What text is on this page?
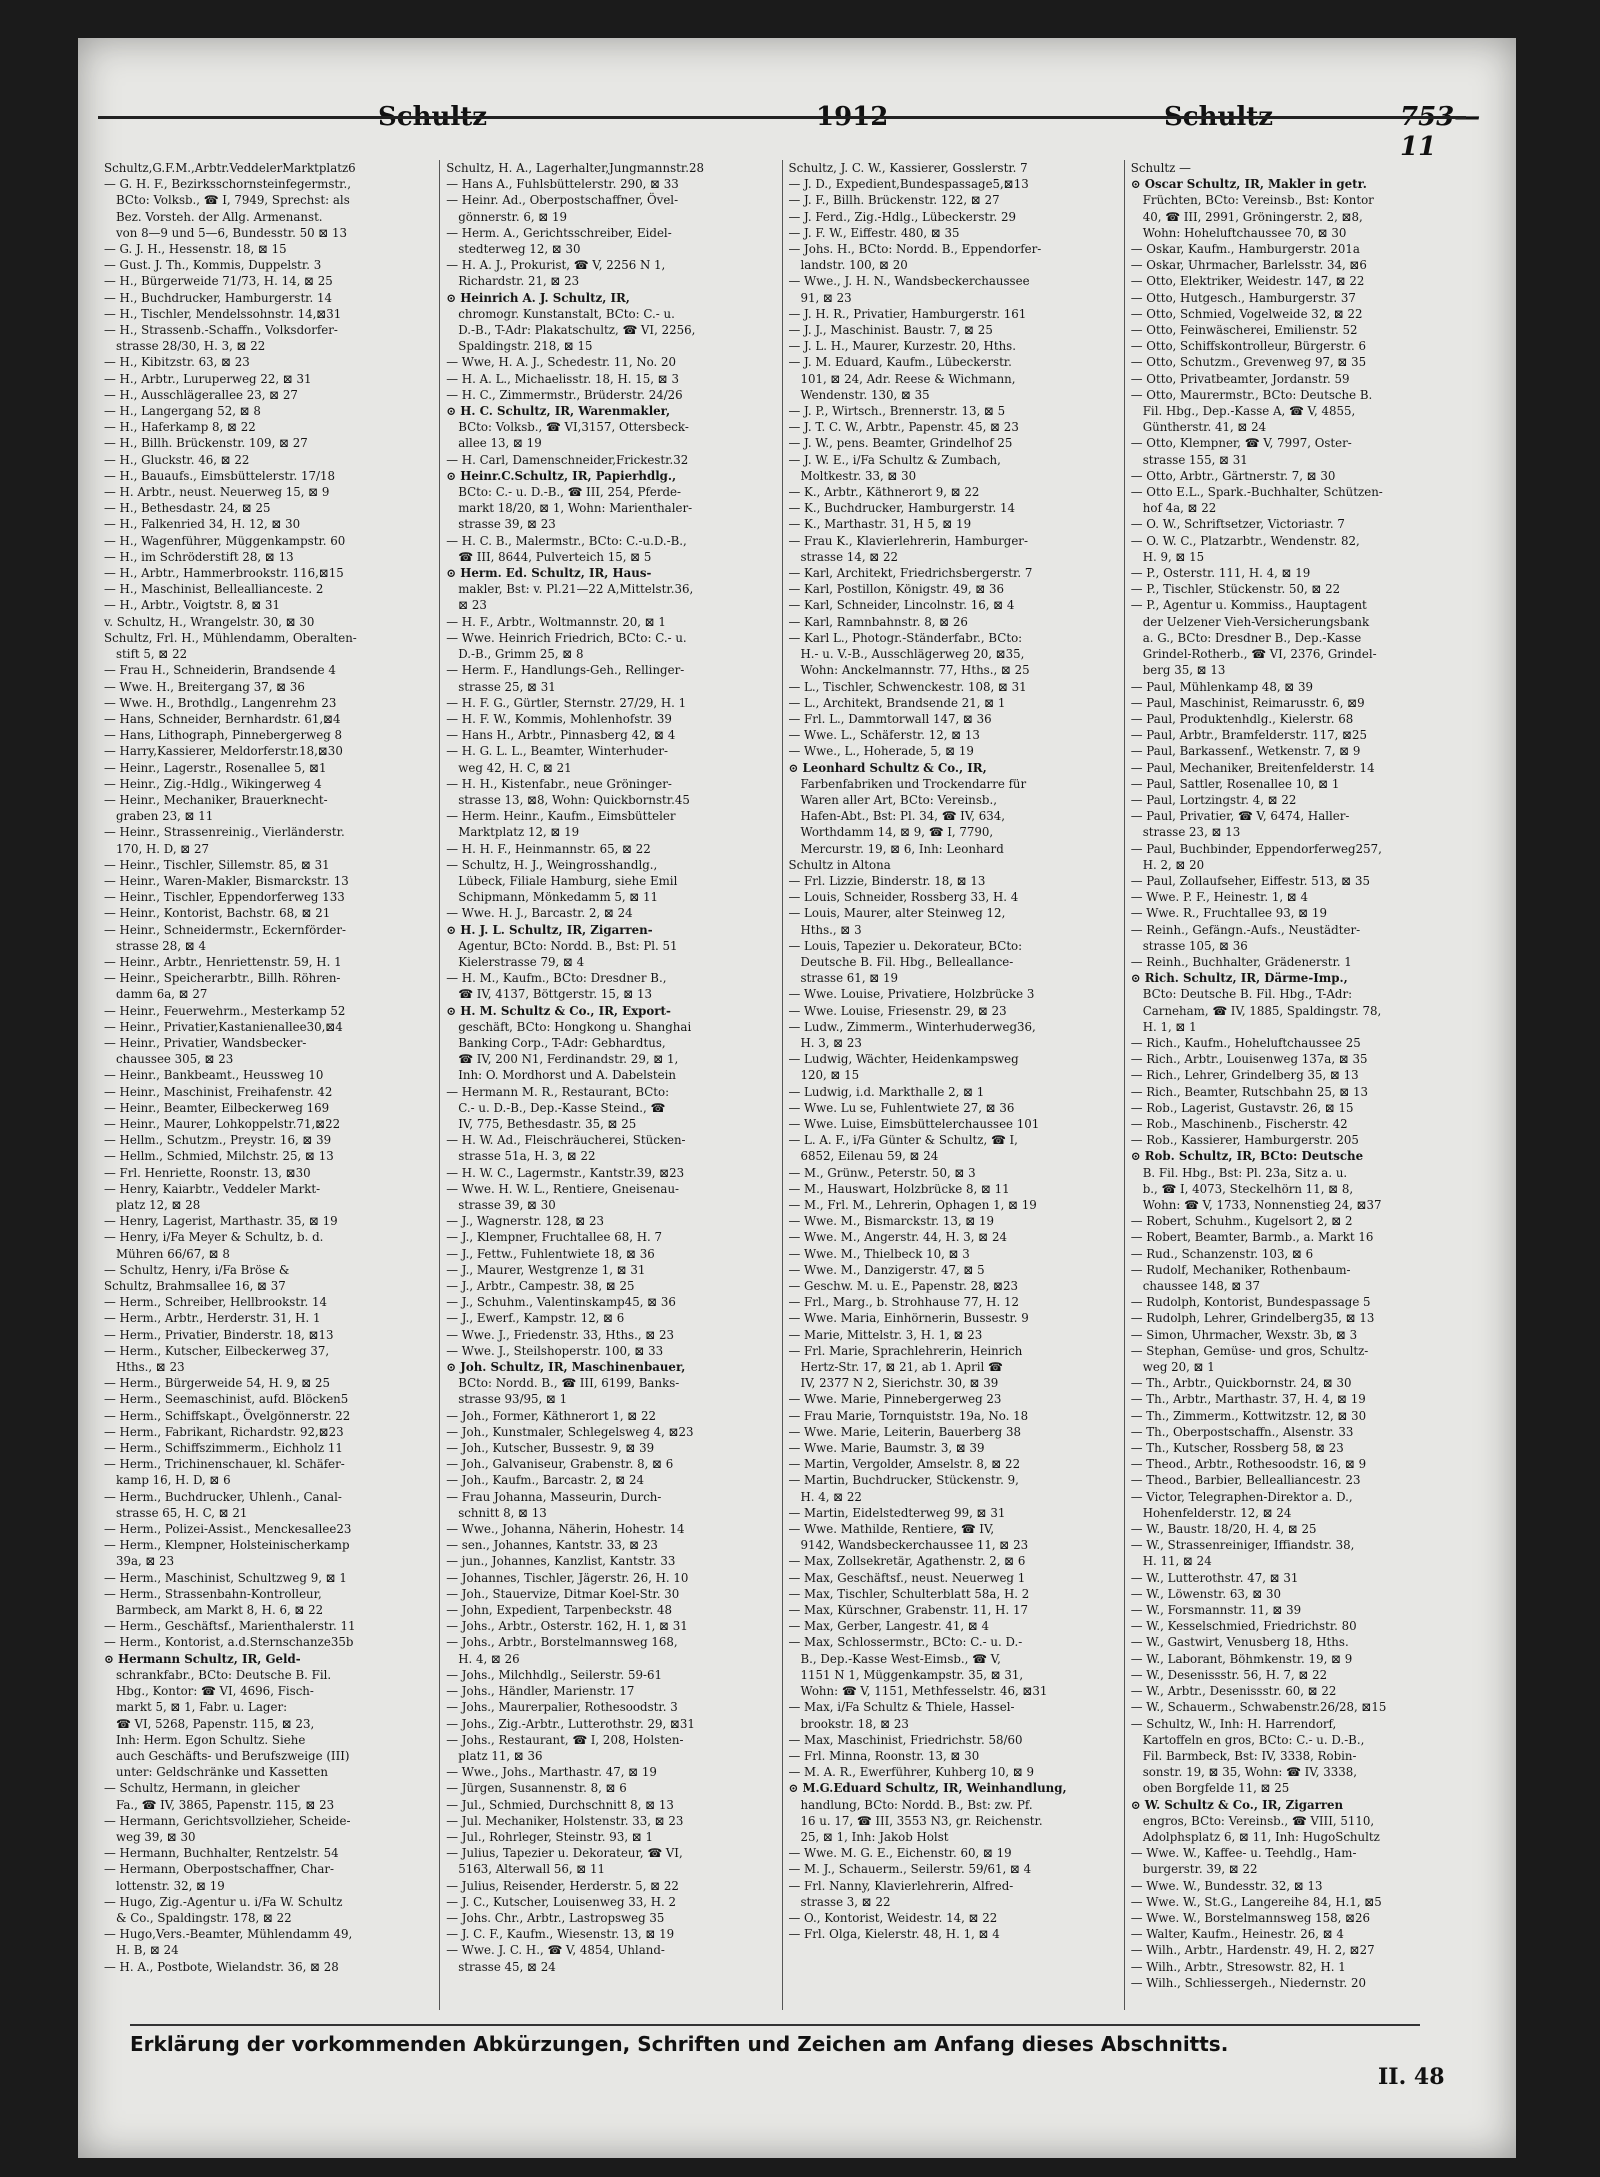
Schultz	1912	Schultz	753—11

Schultz,G.F.M.,Arbtr.VeddelerMarktplatz6

— G. H. F., Bezirksschornsteinfegermstr.,

BCto: Volksb., ☎ I, 7949, Sprechst: als

Bez. Vorsteh. der Allg. Armenanst.

von 8—9 und 5—6, Bundesstr. 50 ⊠ 13

— G. J. H., Hessenstr. 18, ⊠ 15

— Gust. J. Th., Kommis, Duppelstr. 3

— H., Bürgerweide 71/73, H. 14, ⊠ 25

— H., Buchdrucker, Hamburgerstr. 14

— H., Tischler, Mendelssohnstr. 14,⊠31

— H., Strassenb.-Schaffn., Volksdorfer-

strasse 28/30, H. 3, ⊠ 22

— H., Kibitzstr. 63, ⊠ 23

— H., Arbtr., Luruperweg 22, ⊠ 31

— H., Ausschlägerallee 23, ⊠ 27

— H., Langergang 52, ⊠ 8

— H., Haferkamp 8, ⊠ 22

— H., Billh. Brückenstr. 109, ⊠ 27

— H., Gluckstr. 46, ⊠ 22

— H., Bauaufs., Eimsbüttelerstr. 17/18

— H. Arbtr., neust. Neuerweg 15, ⊠ 9

— H., Bethesdastr. 24, ⊠ 25

— H., Falkenried 34, H. 12, ⊠ 30

— H., Wagenführer, Müggenkampstr. 60

— H., im Schröderstift 28, ⊠ 13

— H., Arbtr., Hammerbrookstr. 116,⊠15

— H., Maschinist, Belleallianceste. 2

— H., Arbtr., Voigtstr. 8, ⊠ 31

v. Schultz, H., Wrangelstr. 30, ⊠ 30

Schultz, Frl. H., Mühlendamm, Oberalten-

stift 5, ⊠ 22

— Frau H., Schneiderin, Brandsende 4

— Wwe. H., Breitergang 37, ⊠ 36

— Wwe. H., Brothdlg., Langenrehm 23

— Hans, Schneider, Bernhardstr. 61,⊠4

— Hans, Lithograph, Pinnebergerweg 8

— Harry,Kassierer, Meldorferstr.18,⊠30

— Heinr., Lagerstr., Rosenallee 5, ⊠1

— Heinr., Zig.-Hdlg., Wikingerweg 4

— Heinr., Mechaniker, Brauerknecht-

graben 23, ⊠ 11

— Heinr., Strassenreinig., Vierländerstr.

170, H. D, ⊠ 27

— Heinr., Tischler, Sillemstr. 85, ⊠ 31

— Heinr., Waren-Makler, Bismarckstr. 13

— Heinr., Tischler, Eppendorferweg 133

— Heinr., Kontorist, Bachstr. 68, ⊠ 21

— Heinr., Schneidermstr., Eckernförder-

strasse 28, ⊠ 4

— Heinr., Arbtr., Henriettenstr. 59, H. 1

— Heinr., Speicherarbtr., Billh. Röhren-

damm 6a, ⊠ 27

— Heinr., Feuerwehrm., Mesterkamp 52

— Heinr., Privatier,Kastanienallee30,⊠4

— Heinr., Privatier, Wandsbecker-

chaussee 305, ⊠ 23

— Heinr., Bankbeamt., Heussweg 10

— Heinr., Maschinist, Freihafenstr. 42

— Heinr., Beamter, Eilbeckerweg 169

— Heinr., Maurer, Lohkoppelstr.71,⊠22

— Hellm., Schutzm., Preystr. 16, ⊠ 39

— Hellm., Schmied, Milchstr. 25, ⊠ 13

— Frl. Henriette, Roonstr. 13, ⊠30

— Henry, Kaiarbtr., Veddeler Markt-

platz 12, ⊠ 28

— Henry, Lagerist, Marthastr. 35, ⊠ 19

— Henry, i/Fa Meyer & Schultz, b. d.

Mühren 66/67, ⊠ 8

— Schultz, Henry, i/Fa Bröse &

Schultz, Brahmsallee 16, ⊠ 37

— Herm., Schreiber, Hellbrookstr. 14

— Herm., Arbtr., Herderstr. 31, H. 1

— Herm., Privatier, Binderstr. 18, ⊠13

— Herm., Kutscher, Eilbeckerweg 37,

Hths., ⊠ 23

— Herm., Bürgerweide 54, H. 9, ⊠ 25

— Herm., Seemaschinist, aufd. Blöcken5

— Herm., Schiffskapt., Övelgönnerstr. 22

— Herm., Fabrikant, Richardstr. 92,⊠23

— Herm., Schiffszimmerm., Eichholz 11

— Herm., Trichinenschauer, kl. Schäfer-

kamp 16, H. D, ⊠ 6

— Herm., Buchdrucker, Uhlenh., Canal-

strasse 65, H. C, ⊠ 21

— Herm., Polizei-Assist., Menckesallee23

— Herm., Klempner, Holsteinischerkamp

39a, ⊠ 23

— Herm., Maschinist, Schultzweg 9, ⊠ 1

— Herm., Strassenbahn-Kontrolleur,

Barmbeck, am Markt 8, H. 6, ⊠ 22

— Herm., Geschäftsf., Marienthalerstr. 11

— Herm., Kontorist, a.d.Sternschanze35b

⊙ Hermann Schultz, IR, Geld-

schrankfabr., BCto: Deutsche B. Fil.

Hbg., Kontor: ☎ VI, 4696, Fisch-

markt 5, ⊠ 1, Fabr. u. Lager:

☎ VI, 5268, Papenstr. 115, ⊠ 23,

Inh: Herm. Egon Schultz. Siehe

auch Geschäfts- und Berufszweige (III)

unter: Geldschränke und Kassetten

— Schultz, Hermann, in gleicher

Fa., ☎ IV, 3865, Papenstr. 115, ⊠ 23

— Hermann, Gerichtsvollzieher, Scheide-

weg 39, ⊠ 30

— Hermann, Buchhalter, Rentzelstr. 54

— Hermann, Oberpostschaffner, Char-

lottenstr. 32, ⊠ 19

— Hugo, Zig.-Agentur u. i/Fa W. Schultz

& Co., Spaldingstr. 178, ⊠ 22

— Hugo,Vers.-Beamter, Mühlendamm 49,

H. B, ⊠ 24

— H. A., Postbote, Wielandstr. 36, ⊠ 28

Schultz, H. A., Lagerhalter,Jungmannstr.28

— Hans A., Fuhlsbüttelerstr. 290, ⊠ 33

— Heinr. Ad., Oberpostschaffner, Övel-

gönnerstr. 6, ⊠ 19

— Herm. A., Gerichtsschreiber, Eidel-

stedterweg 12, ⊠ 30

— H. A. J., Prokurist, ☎ V, 2256 N 1,

Richardstr. 21, ⊠ 23

⊙ Heinrich A. J. Schultz, IR,

chromogr. Kunstanstalt, BCto: C.- u.

D.-B., T-Adr: Plakatschultz, ☎ VI, 2256,

Spaldingstr. 218, ⊠ 15

— Wwe, H. A. J., Schedestr. 11, No. 20

— H. A. L., Michaelisstr. 18, H. 15, ⊠ 3

— H. C., Zimmermstr., Brüderstr. 24/26

⊙ H. C. Schultz, IR, Warenmakler,

BCto: Volksb., ☎ VI,3157, Ottersbeck-

allee 13, ⊠ 19

— H. Carl, Damenschneider,Frickestr.32

⊙ Heinr.C.Schultz, IR, Papierhdlg.,

BCto: C.- u. D.-B., ☎ III, 254, Pferde-

markt 18/20, ⊠ 1, Wohn: Marienthaler-

strasse 39, ⊠ 23

— H. C. B., Malermstr., BCto: C.-u.D.-B.,

☎ III, 8644, Pulverteich 15, ⊠ 5

⊙ Herm. Ed. Schultz, IR, Haus-

makler, Bst: v. Pl.21—22 A,Mittelstr.36,

⊠ 23

— H. F., Arbtr., Woltmannstr. 20, ⊠ 1

— Wwe. Heinrich Friedrich, BCto: C.- u.

D.-B., Grimm 25, ⊠ 8

— Herm. F., Handlungs-Geh., Rellinger-

strasse 25, ⊠ 31

— H. F. G., Gürtler, Sternstr. 27/29, H. 1

— H. F. W., Kommis, Mohlenhofstr. 39

— Hans H., Arbtr., Pinnasberg 42, ⊠ 4

— H. G. L. L., Beamter, Winterhuder-

weg 42, H. C, ⊠ 21

— H. H., Kistenfabr., neue Gröninger-

strasse 13, ⊠8, Wohn: Quickbornstr.45

— Herm. Heinr., Kaufm., Eimsbütteler

Marktplatz 12, ⊠ 19

— H. H. F., Heinmannstr. 65, ⊠ 22

— Schultz, H. J., Weingrosshandlg.,

Lübeck, Filiale Hamburg, siehe Emil

Schipmann, Mönkedamm 5, ⊠ 11

— Wwe. H. J., Barcastr. 2, ⊠ 24

⊙ H. J. L. Schultz, IR, Zigarren-

Agentur, BCto: Nordd. B., Bst: Pl. 51

Kielerstrasse 79, ⊠ 4

— H. M., Kaufm., BCto: Dresdner B.,

☎ IV, 4137, Böttgerstr. 15, ⊠ 13

⊙ H. M. Schultz & Co., IR, Export-

geschäft, BCto: Hongkong u. Shanghai

Banking Corp., T-Adr: Gebhardtus,

☎ IV, 200 N1, Ferdinandstr. 29, ⊠ 1,

Inh: O. Mordhorst und A. Dabelstein

— Hermann M. R., Restaurant, BCto:

C.- u. D.-B., Dep.-Kasse Steind., ☎

IV, 775, Bethesdastr. 35, ⊠ 25

— H. W. Ad., Fleischräucherei, Stücken-

strasse 51a, H. 3, ⊠ 22

— H. W. C., Lagermstr., Kantstr.39, ⊠23

— Wwe. H. W. L., Rentiere, Gneisenau-

strasse 39, ⊠ 30

— J., Wagnerstr. 128, ⊠ 23

— J., Klempner, Fruchtallee 68, H. 7

— J., Fettw., Fuhlentwiete 18, ⊠ 36

— J., Maurer, Westgrenze 1, ⊠ 31

— J., Arbtr., Campestr. 38, ⊠ 25

— J., Schuhm., Valentinskamp45, ⊠ 36

— J., Ewerf., Kampstr. 12, ⊠ 6

— Wwe. J., Friedenstr. 33, Hths., ⊠ 23

— Wwe. J., Steilshoperstr. 100, ⊠ 33

⊙ Joh. Schultz, IR, Maschinenbauer,

BCto: Nordd. B., ☎ III, 6199, Banks-

strasse 93/95, ⊠ 1

— Joh., Former, Käthnerort 1, ⊠ 22

— Joh., Kunstmaler, Schlegelsweg 4, ⊠23

— Joh., Kutscher, Bussestr. 9, ⊠ 39

— Joh., Galvaniseur, Grabenstr. 8, ⊠ 6

— Joh., Kaufm., Barcastr. 2, ⊠ 24

— Frau Johanna, Masseurin, Durch-

schnitt 8, ⊠ 13

— Wwe., Johanna, Näherin, Hohestr. 14

— sen., Johannes, Kantstr. 33, ⊠ 23

— jun., Johannes, Kanzlist, Kantstr. 33

— Johannes, Tischler, Jägerstr. 26, H. 10

— Joh., Stauervize, Ditmar Koel-Str. 30

— John, Expedient, Tarpenbeckstr. 48

— Johs., Arbtr., Osterstr. 162, H. 1, ⊠ 31

— Johs., Arbtr., Borstelmannsweg 168,

H. 4, ⊠ 26

— Johs., Milchhdlg., Seilerstr. 59-61

— Johs., Händler, Marienstr. 17

— Johs., Maurerpalier, Rothesoodstr. 3

— Johs., Zig.-Arbtr., Lutterothstr. 29, ⊠31

— Johs., Restaurant, ☎ I, 208, Holsten-

platz 11, ⊠ 36

— Wwe., Johs., Marthastr. 47, ⊠ 19

— Jürgen, Susannenstr. 8, ⊠ 6

— Jul., Schmied, Durchschnitt 8, ⊠ 13

— Jul. Mechaniker, Holstenstr. 33, ⊠ 23

— Jul., Rohrleger, Steinstr. 93, ⊠ 1

— Julius, Tapezier u. Dekorateur, ☎ VI,

5163, Alterwall 56, ⊠ 11

— Julius, Reisender, Herderstr. 5, ⊠ 22

— J. C., Kutscher, Louisenweg 33, H. 2

— Johs. Chr., Arbtr., Lastropsweg 35

— J. C. F., Kaufm., Wiesenstr. 13, ⊠ 19

— Wwe. J. C. H., ☎ V, 4854, Uhland-

strasse 45, ⊠ 24

Schultz, J. C. W., Kassierer, Gosslerstr. 7

— J. D., Expedient,Bundespassage5,⊠13

— J. F., Billh. Brückenstr. 122, ⊠ 27

— J. Ferd., Zig.-Hdlg., Lübeckerstr. 29

— J. F. W., Eiffestr. 480, ⊠ 35

— Johs. H., BCto: Nordd. B., Eppendorfer-

landstr. 100, ⊠ 20

— Wwe., J. H. N., Wandsbeckerchaussee

91, ⊠ 23

— J. H. R., Privatier, Hamburgerstr. 161

— J. J., Maschinist. Baustr. 7, ⊠ 25

— J. L. H., Maurer, Kurzestr. 20, Hths.

— J. M. Eduard, Kaufm., Lübeckerstr.

101, ⊠ 24, Adr. Reese & Wichmann,

Wendenstr. 130, ⊠ 35

— J. P., Wirtsch., Brennerstr. 13, ⊠ 5

— J. T. C. W., Arbtr., Papenstr. 45, ⊠ 23

— J. W., pens. Beamter, Grindelhof 25

— J. W. E., i/Fa Schultz & Zumbach,

Moltkestr. 33, ⊠ 30

— K., Arbtr., Käthnerort 9, ⊠ 22

— K., Buchdrucker, Hamburgerstr. 14

— K., Marthastr. 31, H 5, ⊠ 19

— Frau K., Klavierlehrerin, Hamburger-

strasse 14, ⊠ 22

— Karl, Architekt, Friedrichsbergerstr. 7

— Karl, Postillon, Königstr. 49, ⊠ 36

— Karl, Schneider, Lincolnstr. 16, ⊠ 4

— Karl, Ramnbahnstr. 8, ⊠ 26

— Karl L., Photogr.-Ständerfabr., BCto:

H.- u. V.-B., Ausschlägerweg 20, ⊠35,

Wohn: Anckelmannstr. 77, Hths., ⊠ 25

— L., Tischler, Schwenckestr. 108, ⊠ 31

— L., Architekt, Brandsende 21, ⊠ 1

— Frl. L., Dammtorwall 147, ⊠ 36

— Wwe. L., Schäferstr. 12, ⊠ 13

— Wwe., L., Hoherade, 5, ⊠ 19

⊙ Leonhard Schultz & Co., IR,

Farbenfabriken und Trockendarre für

Waren aller Art, BCto: Vereinsb.,

Hafen-Abt., Bst: Pl. 34, ☎ IV, 634,

Worthdamm 14, ⊠ 9, ☎ I, 7790,

Mercurstr. 19, ⊠ 6, Inh: Leonhard

Schultz in Altona

— Frl. Lizzie, Binderstr. 18, ⊠ 13

— Louis, Schneider, Rossberg 33, H. 4

— Louis, Maurer, alter Steinweg 12,

Hths., ⊠ 3

— Louis, Tapezier u. Dekorateur, BCto:

Deutsche B. Fil. Hbg., Belleallance-

strasse 61, ⊠ 19

— Wwe. Louise, Privatiere, Holzbrücke 3

— Wwe. Louise, Friesenstr. 29, ⊠ 23

— Ludw., Zimmerm., Winterhuderweg36,

H. 3, ⊠ 23

— Ludwig, Wächter, Heidenkampsweg

120, ⊠ 15

— Ludwig, i.d. Markthalle 2, ⊠ 1

— Wwe. Lu se, Fuhlentwiete 27, ⊠ 36

— Wwe. Luise, Eimsbüttelerchaussee 101

— L. A. F., i/Fa Günter & Schultz, ☎ I,

6852, Eilenau 59, ⊠ 24

— M., Grünw., Peterstr. 50, ⊠ 3

— M., Hauswart, Holzbrücke 8, ⊠ 11

— M., Frl. M., Lehrerin, Ophagen 1, ⊠ 19

— Wwe. M., Bismarckstr. 13, ⊠ 19

— Wwe. M., Angerstr. 44, H. 3, ⊠ 24

— Wwe. M., Thielbeck 10, ⊠ 3

— Wwe. M., Danzigerstr. 47, ⊠ 5

— Geschw. M. u. E., Papenstr. 28, ⊠23

— Frl., Marg., b. Strohhause 77, H. 12

— Wwe. Maria, Einhörnerin, Bussestr. 9

— Marie, Mittelstr. 3, H. 1, ⊠ 23

— Frl. Marie, Sprachlehrerin, Heinrich

Hertz-Str. 17, ⊠ 21, ab 1. April ☎

IV, 2377 N 2, Sierichstr. 30, ⊠ 39

— Wwe. Marie, Pinnebergerweg 23

— Frau Marie, Tornquiststr. 19a, No. 18

— Wwe. Marie, Leiterin, Bauerberg 38

— Wwe. Marie, Baumstr. 3, ⊠ 39

— Martin, Vergolder, Amselstr. 8, ⊠ 22

— Martin, Buchdrucker, Stückenstr. 9,

H. 4, ⊠ 22

— Martin, Eidelstedterweg 99, ⊠ 31

— Wwe. Mathilde, Rentiere, ☎ IV,

9142, Wandsbeckerchaussee 11, ⊠ 23

— Max, Zollsekretär, Agathenstr. 2, ⊠ 6

— Max, Geschäftsf., neust. Neuerweg 1

— Max, Tischler, Schulterblatt 58a, H. 2

— Max, Kürschner, Grabenstr. 11, H. 17

— Max, Gerber, Langestr. 41, ⊠ 4

— Max, Schlossermstr., BCto: C.- u. D.-

B., Dep.-Kasse West-Eimsb., ☎ V,

1151 N 1, Müggenkampstr. 35, ⊠ 31,

Wohn: ☎ V, 1151, Methfesselstr. 46, ⊠31

— Max, i/Fa Schultz & Thiele, Hassel-

brookstr. 18, ⊠ 23

— Max, Maschinist, Friedrichstr. 58/60

— Frl. Minna, Roonstr. 13, ⊠ 30

— M. A. R., Ewerführer, Kuhberg 10, ⊠ 9

⊙ M.G.Eduard Schultz, IR, Weinhandlung,

handlung, BCto: Nordd. B., Bst: zw. Pf.

16 u. 17, ☎ III, 3553 N3, gr. Reichenstr.

25, ⊠ 1, Inh: Jakob Holst

— Wwe. M. G. E., Eichenstr. 60, ⊠ 19

— M. J., Schauerm., Seilerstr. 59/61, ⊠ 4

— Frl. Nanny, Klavierlehrerin, Alfred-

strasse 3, ⊠ 22

— O., Kontorist, Weidestr. 14, ⊠ 22

— Frl. Olga, Kielerstr. 48, H. 1, ⊠ 4

Schultz —

⊙ Oscar Schultz, IR, Makler in getr.

Früchten, BCto: Vereinsb., Bst: Kontor

40, ☎ III, 2991, Gröningerstr. 2, ⊠8,

Wohn: Hoheluftchaussee 70, ⊠ 30

— Oskar, Kaufm., Hamburgerstr. 201a

— Oskar, Uhrmacher, Barlelsstr. 34, ⊠6

— Otto, Elektriker, Weidestr. 147, ⊠ 22

— Otto, Hutgesch., Hamburgerstr. 37

— Otto, Schmied, Vogelweide 32, ⊠ 22

— Otto, Feinwäscherei, Emilienstr. 52

— Otto, Schiffskontrolleur, Bürgerstr. 6

— Otto, Schutzm., Grevenweg 97, ⊠ 35

— Otto, Privatbeamter, Jordanstr. 59

— Otto, Maurermstr., BCto: Deutsche B.

Fil. Hbg., Dep.-Kasse A, ☎ V, 4855,

Güntherstr. 41, ⊠ 24

— Otto, Klempner, ☎ V, 7997, Oster-

strasse 155, ⊠ 31

— Otto, Arbtr., Gärtnerstr. 7, ⊠ 30

— Otto E.L., Spark.-Buchhalter, Schützen-

hof 4a, ⊠ 22

— O. W., Schriftsetzer, Victoriastr. 7

— O. W. C., Platzarbtr., Wendenstr. 82,

H. 9, ⊠ 15

— P., Osterstr. 111, H. 4, ⊠ 19

— P., Tischler, Stückenstr. 50, ⊠ 22

— P., Agentur u. Kommiss., Hauptagent

der Uelzener Vieh-Versicherungsbank

a. G., BCto: Dresdner B., Dep.-Kasse

Grindel-Rotherb., ☎ VI, 2376, Grindel-

berg 35, ⊠ 13

— Paul, Mühlenkamp 48, ⊠ 39

— Paul, Maschinist, Reimarusstr. 6, ⊠9

— Paul, Produktenhdlg., Kielerstr. 68

— Paul, Arbtr., Bramfelderstr. 117, ⊠25

— Paul, Barkassenf., Wetkenstr. 7, ⊠ 9

— Paul, Mechaniker, Breitenfelderstr. 14

— Paul, Sattler, Rosenallee 10, ⊠ 1

— Paul, Lortzingstr. 4, ⊠ 22

— Paul, Privatier, ☎ V, 6474, Haller-

strasse 23, ⊠ 13

— Paul, Buchbinder, Eppendorferweg257,

H. 2, ⊠ 20

— Paul, Zollaufseher, Eiffestr. 513, ⊠ 35

— Wwe. P. F., Heinestr. 1, ⊠ 4

— Wwe. R., Fruchtallee 93, ⊠ 19

— Reinh., Gefängn.-Aufs., Neustädter-

strasse 105, ⊠ 36

— Reinh., Buchhalter, Grädenerstr. 1

⊙ Rich. Schultz, IR, Därme-Imp.,

BCto: Deutsche B. Fil. Hbg., T-Adr:

Carneham, ☎ IV, 1885, Spaldingstr. 78,

H. 1, ⊠ 1

— Rich., Kaufm., Hoheluftchaussee 25

— Rich., Arbtr., Louisenweg 137a, ⊠ 35

— Rich., Lehrer, Grindelberg 35, ⊠ 13

— Rich., Beamter, Rutschbahn 25, ⊠ 13

— Rob., Lagerist, Gustavstr. 26, ⊠ 15

— Rob., Maschinenb., Fischerstr. 42

— Rob., Kassierer, Hamburgerstr. 205

⊙ Rob. Schultz, IR, BCto: Deutsche

B. Fil. Hbg., Bst: Pl. 23a, Sitz a. u.

b., ☎ I, 4073, Steckelhörn 11, ⊠ 8,

Wohn: ☎ V, 1733, Nonnenstieg 24, ⊠37

— Robert, Schuhm., Kugelsort 2, ⊠ 2

— Robert, Beamter, Barmb., a. Markt 16

— Rud., Schanzenstr. 103, ⊠ 6

— Rudolf, Mechaniker, Rothenbaum-

chaussee 148, ⊠ 37

— Rudolph, Kontorist, Bundespassage 5

— Rudolph, Lehrer, Grindelberg35, ⊠ 13

— Simon, Uhrmacher, Wexstr. 3b, ⊠ 3

— Stephan, Gemüse- und gros, Schultz-

weg 20, ⊠ 1

— Th., Arbtr., Quickbornstr. 24, ⊠ 30

— Th., Arbtr., Marthastr. 37, H. 4, ⊠ 19

— Th., Zimmerm., Kottwitzstr. 12, ⊠ 30

— Th., Oberpostschaffn., Alsenstr. 33

— Th., Kutscher, Rossberg 58, ⊠ 23

— Theod., Arbtr., Rothesoodstr. 16, ⊠ 9

— Theod., Barbier, Bellealliancestr. 23

— Victor, Telegraphen-Direktor a. D.,

Hohenfelderstr. 12, ⊠ 24

— W., Baustr. 18/20, H. 4, ⊠ 25

— W., Strassenreiniger, Iffiandstr. 38,

H. 11, ⊠ 24

— W., Lutterothstr. 47, ⊠ 31

— W., Löwenstr. 63, ⊠ 30

— W., Forsmannstr. 11, ⊠ 39

— W., Kesselschmied, Friedrichstr. 80

— W., Gastwirt, Venusberg 18, Hths.

— W., Laborant, Böhmkenstr. 19, ⊠ 9

— W., Desenissstr. 56, H. 7, ⊠ 22

— W., Arbtr., Desenissstr. 60, ⊠ 22

— W., Schauerm., Schwabenstr.26/28, ⊠15

— Schultz, W., Inh: H. Harrendorf,

Kartoffeln en gros, BCto: C.- u. D.-B.,

Fil. Barmbeck, Bst: IV, 3338, Robin-

sonstr. 19, ⊠ 35, Wohn: ☎ IV, 3338,

oben Borgfelde 11, ⊠ 25

⊙ W. Schultz & Co., IR, Zigarren

engros, BCto: Vereinsb., ☎ VIII, 5110,

Adolphsplatz 6, ⊠ 11, Inh: HugoSchultz

— Wwe. W., Kaffee- u. Teehdlg., Ham-

burgerstr. 39, ⊠ 22

— Wwe. W., Bundesstr. 32, ⊠ 13

— Wwe. W., St.G., Langereihe 84, H.1, ⊠5

— Wwe. W., Borstelmannsweg 158, ⊠26

— Walter, Kaufm., Heinestr. 26, ⊠ 4

— Wilh., Arbtr., Hardenstr. 49, H. 2, ⊠27

— Wilh., Arbtr., Stresowstr. 82, H. 1

— Wilh., Schliessergeh., Niedernstr. 20

Erklärung der vorkommenden Abkürzungen, Schriften und Zeichen am Anfang dieses Abschnitts.
II. 48
